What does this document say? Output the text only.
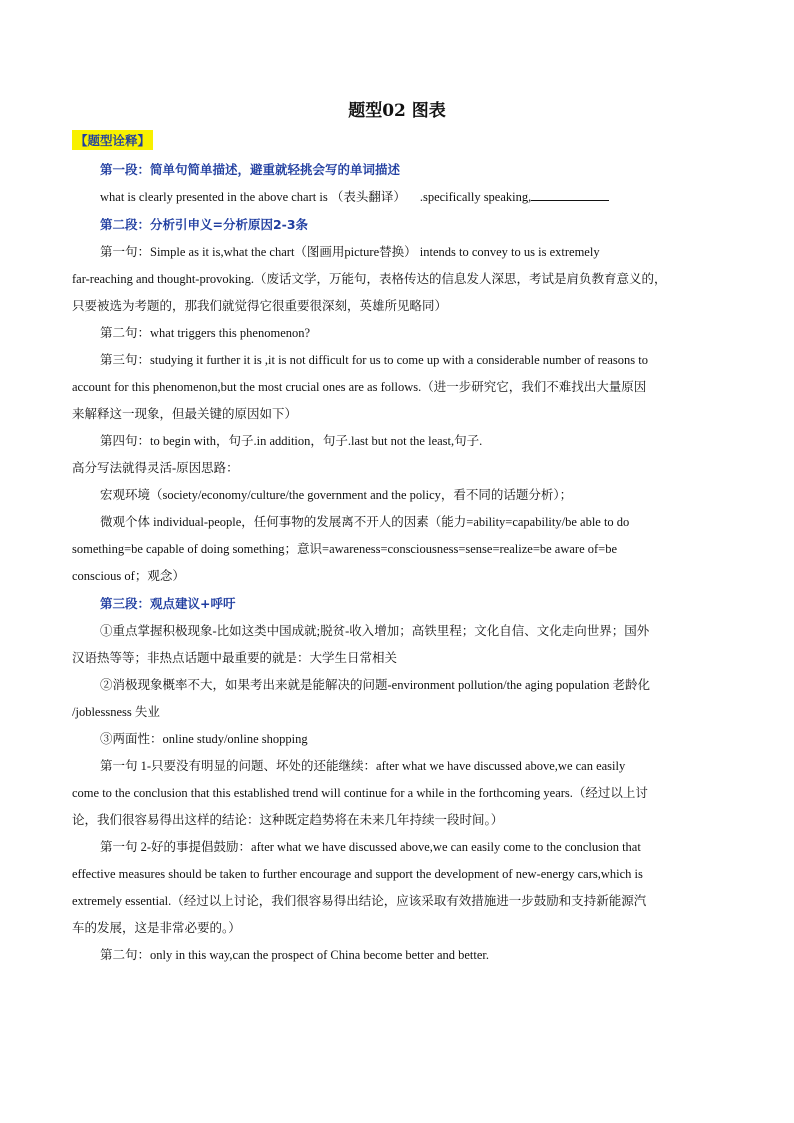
题型02 图表
【题型诠释】

第一段：简单句简单描述，避重就轻挑会写的单词描述

what is clearly presented in the above chart is （表头翻译） .specifically speaking,

第二段：分析引申义=分析原因2-3条

第一句：Simple as it is,what the chart（图画用picture替换） intends to convey to us is extremely

far-reaching and thought-provoking.（废话文学，万能句，表格传达的信息发人深思，考试是肩负教育意义的，

只要被选为考题的，那我们就觉得它很重要很深刻，英雄所见略同）

第二句：what triggers this phenomenon?

第三句：studying it further it is ,it is not difficult for us to come up with a considerable number of reasons to

account for this phenomenon,but the most crucial ones are as follows.（进一步研究它，我们不难找出大量原因

来解释这一现象，但最关键的原因如下）

第四句：to begin with，句子.in addition，句子.last but not the least,句子.

高分写法就得灵活-原因思路：

宏观环境（society/economy/culture/the government and the policy，看不同的话题分析）；

微观个体 individual-people，任何事物的发展离不开人的因素（能力=ability=capability/be able to do

something=be capable of doing something；意识=awareness=consciousness=sense=realize=be aware of=be

conscious of；观念）

第三段：观点建议+呼吁

①重点掌握积极现象-比如这类中国成就;脱贫-收入增加；高铁里程；文化自信、文化走向世界；国外

汉语热等等；非热点话题中最重要的就是：大学生日常相关

②消极现象概率不大，如果考出来就是能解决的问题-environment pollution/the aging population 老龄化

/joblessness 失业

③两面性：online study/online shopping

第一句 1-只要没有明显的问题、坏处的还能继续：after what we have discussed above,we can easily

come to the conclusion that this established trend will continue for a while in the forthcoming years.（经过以上讨

论，我们很容易得出这样的结论：这种既定趋势将在未来几年持续一段时间。）

第一句 2-好的事提倡鼓励：after what we have discussed above,we can easily come to the conclusion that

effective measures should be taken to further encourage and support the development of new-energy cars,which is

extremely essential.（经过以上讨论，我们很容易得出结论，应该采取有效措施进一步鼓励和支持新能源汽

车的发展，这是非常必要的。）

第二句：only in this way,can the prospect of China become better and better.
